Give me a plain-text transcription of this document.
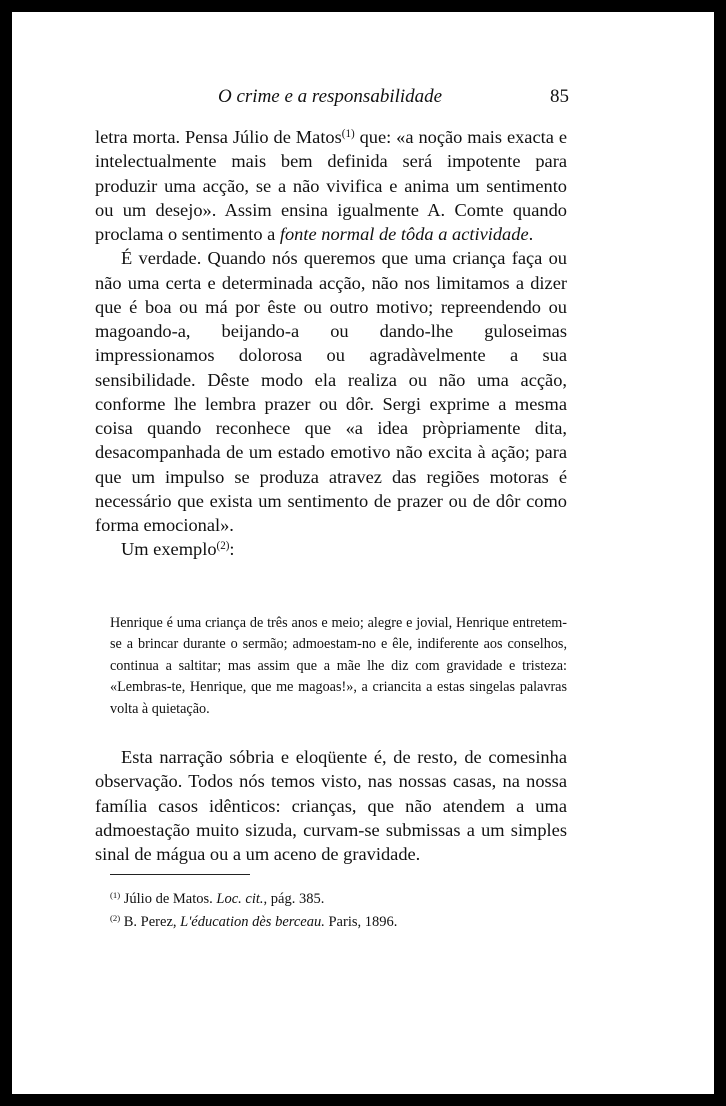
O crime e a responsabilidade	85

letra morta. Pensa Júlio de Matos$^{(1)}$ que: «a noção mais exacta e intelectualmente mais bem definida será impotente para produzir uma acção, se a não vivifica e anima um sentimento ou um desejo». Assim ensina igualmente A. Comte quando proclama o sentimento a fonte normal de tôda a actividade.

É verdade. Quando nós queremos que uma criança faça ou não uma certa e determinada acção, não nos limitamos a dizer que é boa ou má por êste ou outro motivo; repreendendo ou magoando-a, beijando-a ou dando-lhe guloseimas impressionamos dolorosa ou agradàvelmente a sua sensibilidade. Dêste modo ela realiza ou não uma acção, conforme lhe lembra prazer ou dôr. Sergi exprime a mesma coisa quando reconhece que «a idea pròpriamente dita, desacompanhada de um estado emotivo não excita à ação; para que um impulso se produza atravez das regiões motoras é necessário que exista um sentimento de prazer ou de dôr como forma emocional».

Um exemplo$^{(2)}$:

Henrique é uma criança de três anos e meio; alegre e jovial, Henrique entretem-se a brincar durante o sermão; admoestam-no e êle, indiferente aos conselhos, continua a saltitar; mas assim que a mãe lhe diz com gravidade e tristeza: «Lembras-te, Henrique, que me magoas!», a criancita a estas singelas palavras volta à quietação.

Esta narração sóbria e eloqüente é, de resto, de comesinha observação. Todos nós temos visto, nas nossas casas, na nossa família casos idênticos: crianças, que não atendem a uma admoestação muito sizuda, curvam-se submissas a um simples sinal de mágua ou a um aceno de gravidade.

$^{(1)}$ Júlio de Matos. Loc. cit., pág. 385.
$^{(2)}$ B. Perez, L'éducation dès berceau. Paris, 1896.
